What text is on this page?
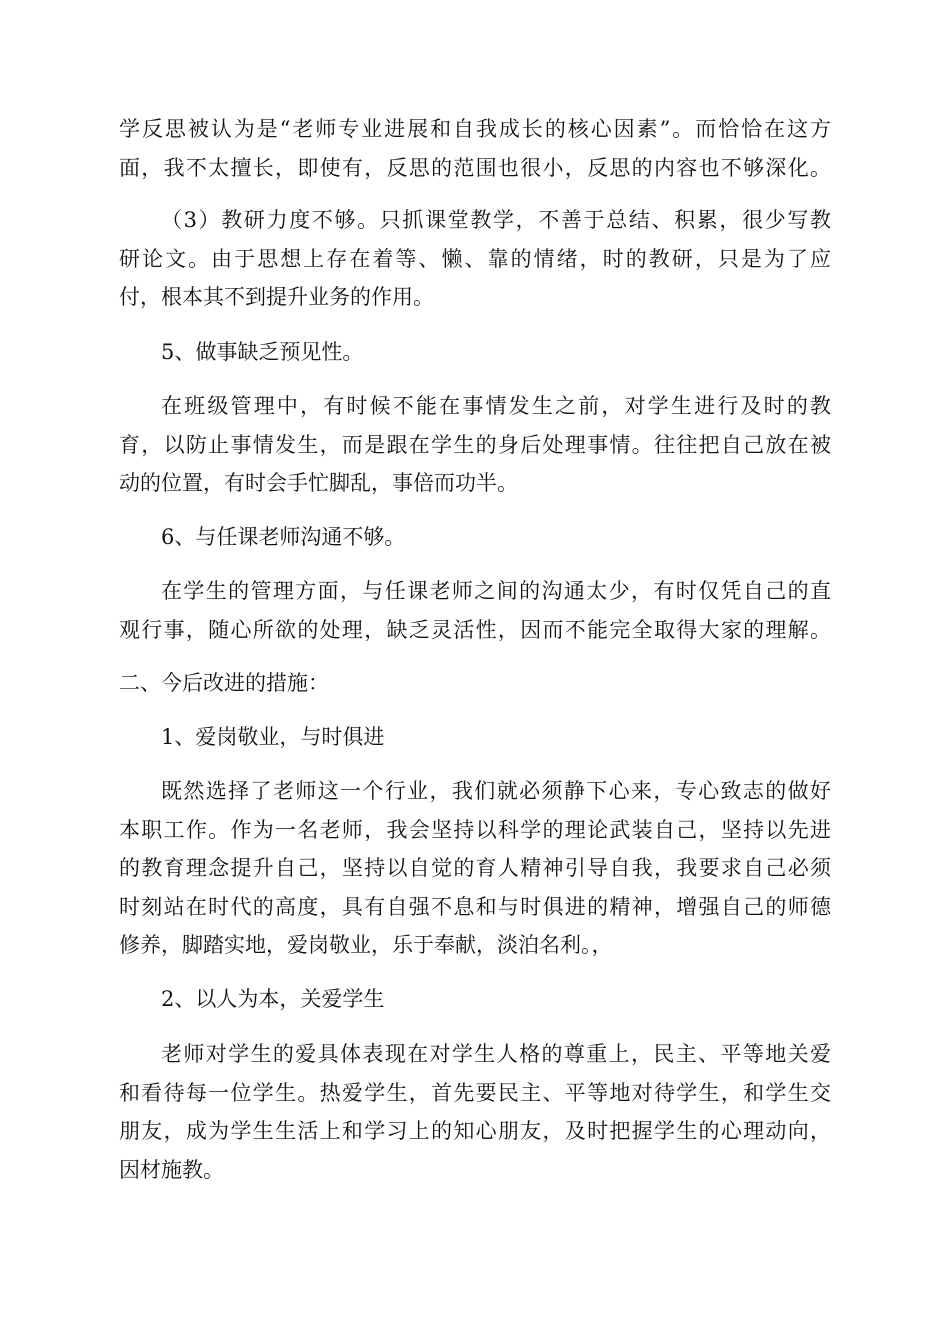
学反思被认为是“老师专业进展和自我成长的核心因素”。而恰恰在这方
面，我不太擅长，即使有，反思的范围也很小，反思的内容也不够深化。
（3）教研力度不够。只抓课堂教学，不善于总结、积累，很少写教
研论文。由于思想上存在着等、懒、靠的情绪，时的教研，只是为了应
付，根本其不到提升业务的作用。
5、做事缺乏预见性。
在班级管理中，有时候不能在事情发生之前，对学生进行及时的教
育，以防止事情发生，而是跟在学生的身后处理事情。往往把自己放在被
动的位置，有时会手忙脚乱，事倍而功半。
6、与任课老师沟通不够。
在学生的管理方面，与任课老师之间的沟通太少，有时仅凭自己的直
观行事，随心所欲的处理，缺乏灵活性，因而不能完全取得大家的理解。
二、今后改进的措施：
1、爱岗敬业，与时俱进
既然选择了老师这一个行业，我们就必须静下心来，专心致志的做好
本职工作。作为一名老师，我会坚持以科学的理论武装自己，坚持以先进
的教育理念提升自己，坚持以自觉的育人精神引导自我，我要求自己必须
时刻站在时代的高度，具有自强不息和与时俱进的精神，增强自己的师德
修养，脚踏实地，爱岗敬业，乐于奉献，淡泊名利。，
2、以人为本，关爱学生
老师对学生的爱具体表现在对学生人格的尊重上，民主、平等地关爱
和看待每一位学生。热爱学生，首先要民主、平等地对待学生，和学生交
朋友，成为学生生活上和学习上的知心朋友，及时把握学生的心理动向，
因材施教。
